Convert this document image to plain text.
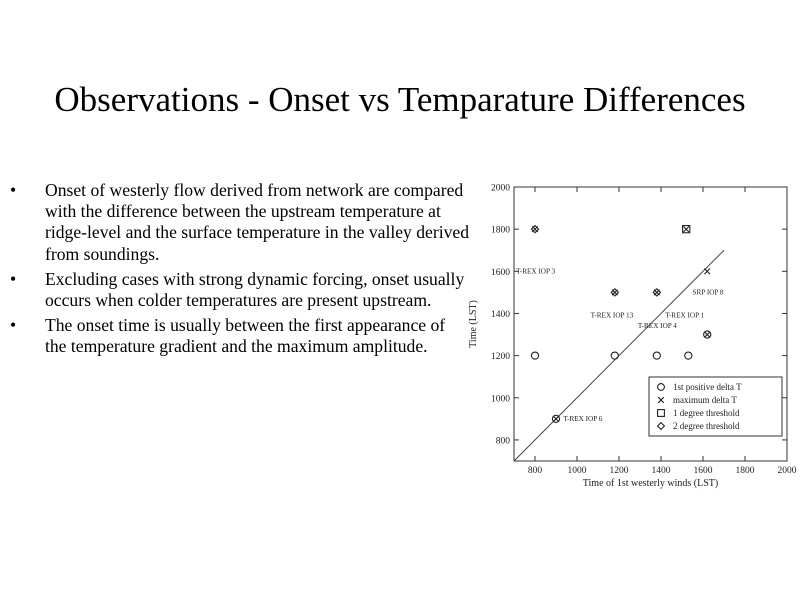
Observations - Onset vs Temparature Differences
• Onset of westerly flow derived from network are compared with the difference between the upstream temperature at ridge-level and the surface temperature in the valley derived from soundings.
• Excluding cases with strong dynamic forcing, onset usually occurs when colder temperatures are present upstream.
• The onset time is usually between the first appearance of the temperature gradient and the maximum amplitude.
800	1000 1200 1400 1600 1800 2000
800
1000
1200
1400
1600
1800
2000
Time of 1st westerly winds (LST)
Time (LST)
T-REX IOP 3
SRP IOP 8
T-REX IOP 13	T-REX IOP 1
T-REX IOP 4
T-REX IOP 6
1st positive delta T
maximum delta T
1 degree threshold
2 degree threshold
